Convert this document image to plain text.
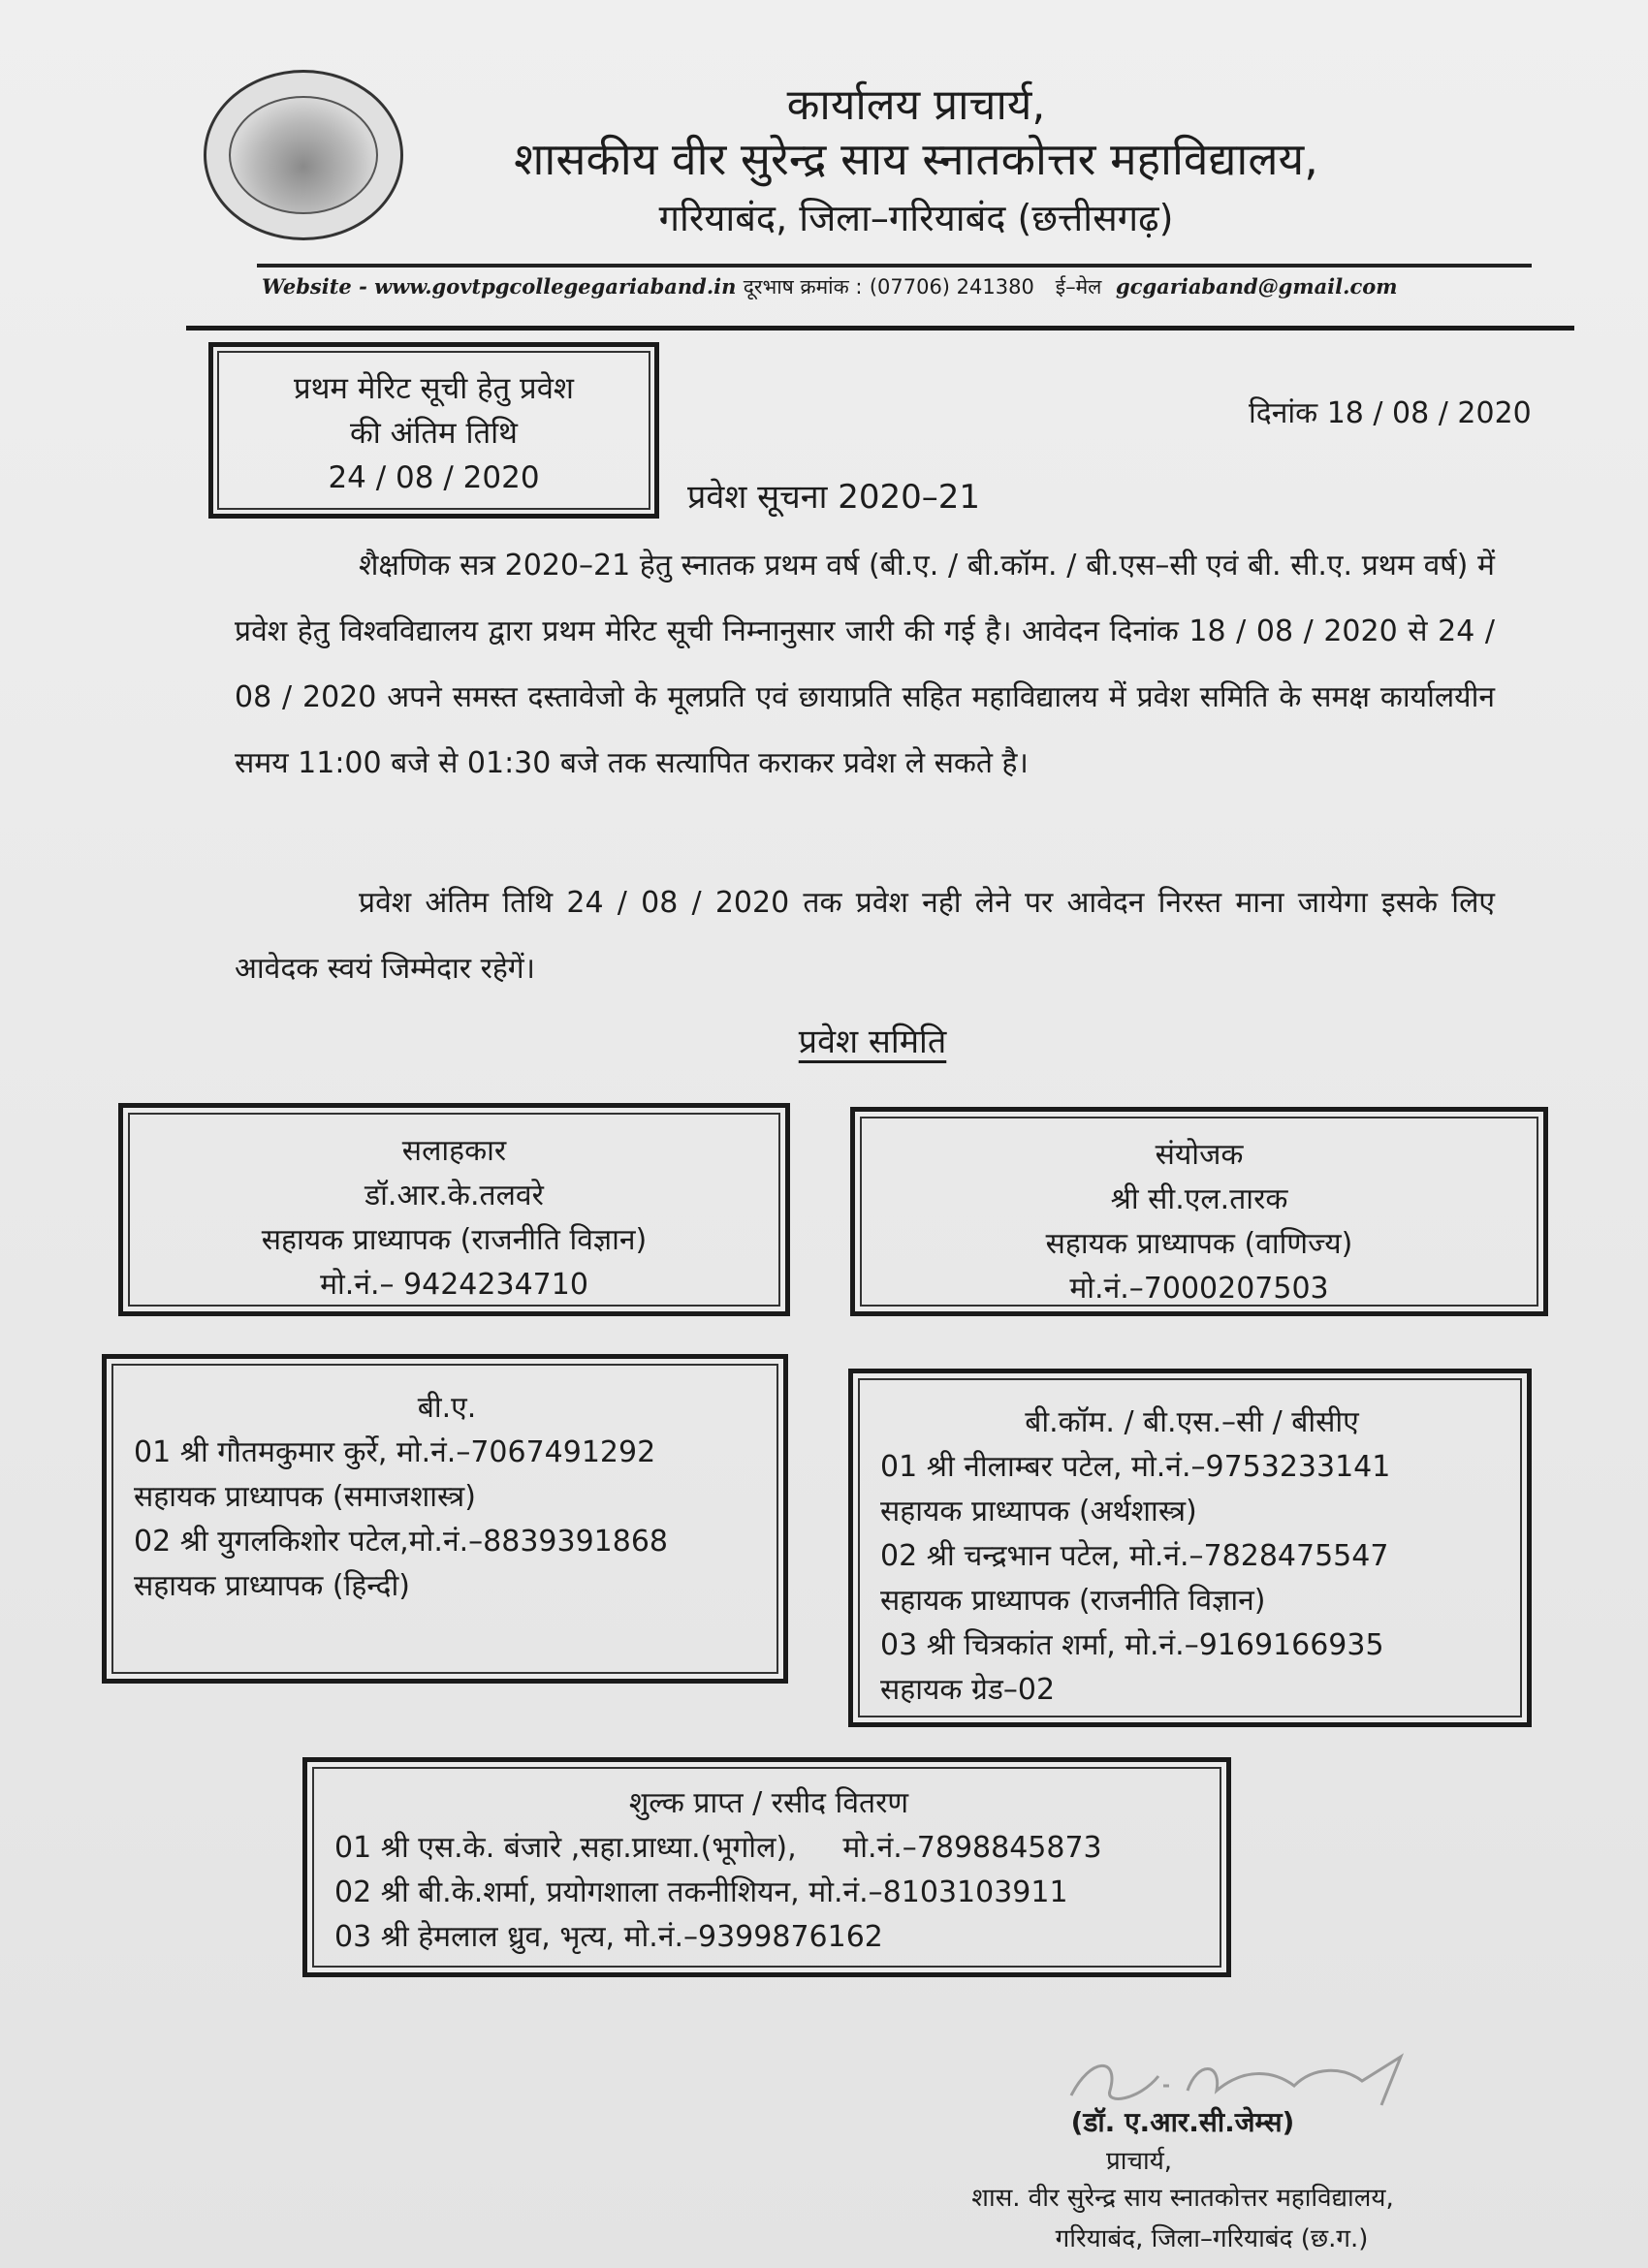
कार्यालय प्राचार्य,
शासकीय वीर सुरेन्द्र साय स्नातकोत्तर महाविद्यालय,
गरियाबंद, जिला–गरियाबंद (छत्तीसगढ़)
Website - www.govtpgcollegegariaband.in दूरभाष क्रमांक : (07706) 241380 ई–मेल gcgariaband@gmail.com
प्रथम मेरिट सूची हेतु प्रवेश
की अंतिम तिथि
24 / 08 / 2020
दिनांक 18 / 08 / 2020
प्रवेश सूचना 2020–21
शैक्षणिक सत्र 2020–21 हेतु स्नातक प्रथम वर्ष (बी.ए. / बी.कॉम. / बी.एस–सी एवं बी. सी.ए. प्रथम वर्ष) में प्रवेश हेतु विश्वविद्यालय द्वारा प्रथम मेरिट सूची निम्नानुसार जारी की गई है। आवेदन दिनांक 18 / 08 / 2020 से 24 / 08 / 2020 अपने समस्त दस्तावेजो के मूलप्रति एवं छायाप्रति सहित महाविद्यालय में प्रवेश समिति के समक्ष कार्यालयीन समय 11:00 बजे से 01:30 बजे तक सत्यापित कराकर प्रवेश ले सकते है।
प्रवेश अंतिम तिथि 24 / 08 / 2020 तक प्रवेश नही लेने पर आवेदन निरस्त माना जायेगा इसके लिए आवेदक स्वयं जिम्मेदार रहेगें।
प्रवेश समिति
सलाहकार
डॉ.आर.के.तलवरे
सहायक प्राध्यापक (राजनीति विज्ञान)
मो.नं.– 9424234710
संयोजक
श्री सी.एल.तारक
सहायक प्राध्यापक (वाणिज्य)
मो.नं.–7000207503
बी.ए.
01 श्री गौतमकुमार कुर्रे, मो.नं.–7067491292
सहायक प्राध्यापक (समाजशास्त्र)
02 श्री युगलकिशोर पटेल,मो.नं.–8839391868
सहायक प्राध्यापक (हिन्दी)
बी.कॉम. / बी.एस.–सी / बीसीए
01 श्री नीलाम्बर पटेल, मो.नं.–9753233141
सहायक प्राध्यापक (अर्थशास्त्र)
02 श्री चन्द्रभान पटेल, मो.नं.–7828475547
सहायक प्राध्यापक (राजनीति विज्ञान)
03 श्री चित्रकांत शर्मा, मो.नं.–9169166935
सहायक ग्रेड–02
शुल्क प्राप्त / रसीद वितरण
01 श्री एस.के. बंजारे ,सहा.प्राध्या.(भूगोल),     मो.नं.–7898845873
02 श्री बी.के.शर्मा, प्रयोगशाला तकनीशियन, मो.नं.–8103103911
03 श्री हेमलाल ध्रुव, भृत्य, मो.नं.–9399876162
(डॉ. ए.आर.सी.जेम्स)
प्राचार्य,
शास. वीर सुरेन्द्र साय स्नातकोत्तर महाविद्यालय,
गरियाबंद, जिला–गरियाबंद (छ.ग.)
